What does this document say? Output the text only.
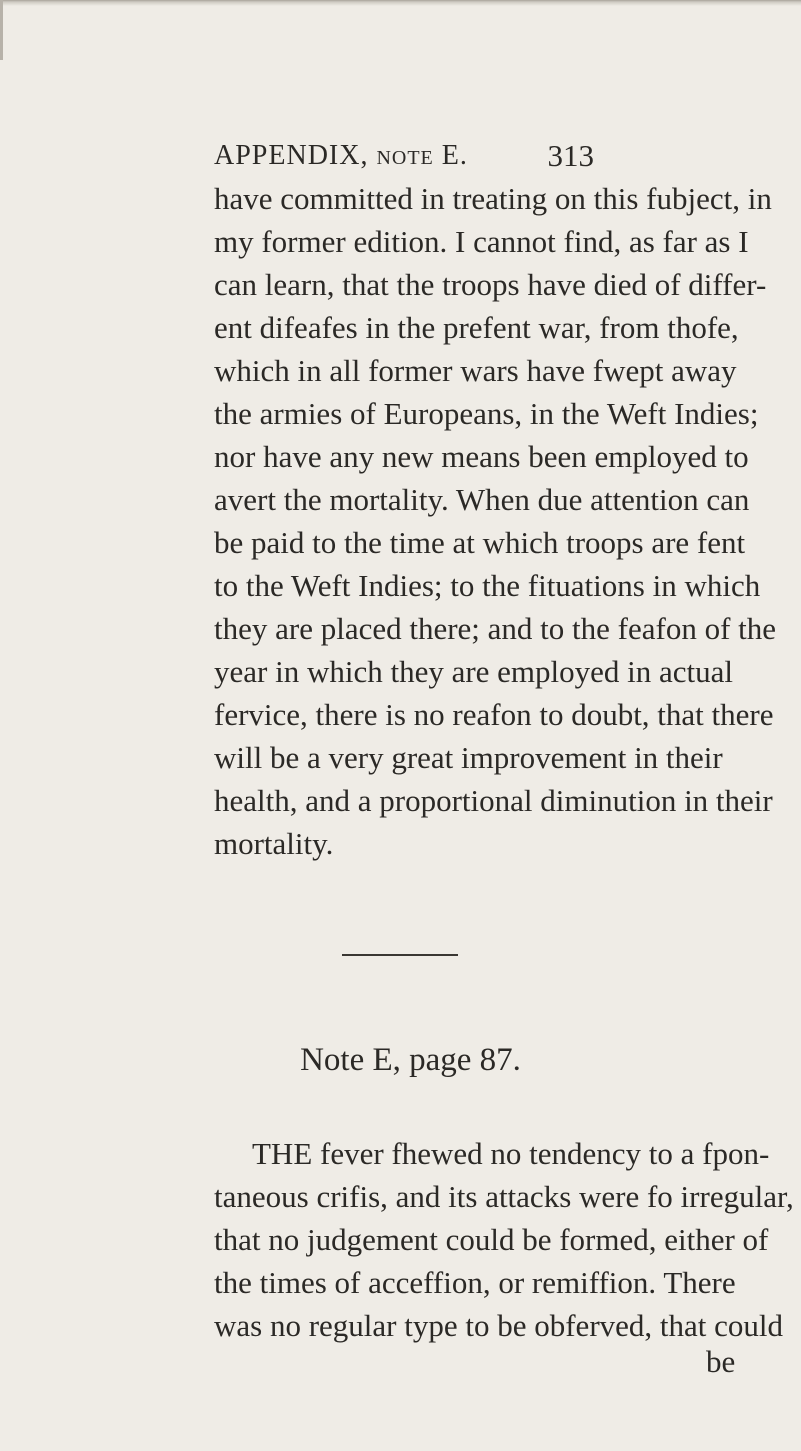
APPENDIX, note E.	313
have committed in treating on this fubject, in
my former edition. I cannot find, as far as I
can learn, that the troops have died of differ-
ent difeafes in the prefent war, from thofe,
which in all former wars have fwept away
the armies of Europeans, in the Weft Indies;
nor have any new means been employed to
avert the mortality. When due attention can
be paid to the time at which troops are fent
to the Weft Indies; to the fituations in which
they are placed there; and to the feafon of the
year in which they are employed in actual
fervice, there is no reafon to doubt, that there
will be a very great improvement in their
health, and a proportional diminution in their
mortality.
Note E, page 87.
THE fever fhewed no tendency to a fpon-
taneous crifis, and its attacks were fo irregular,
that no judgement could be formed, either of
the times of acceffion, or remiffion. There
was no regular type to be obferved, that could
be
